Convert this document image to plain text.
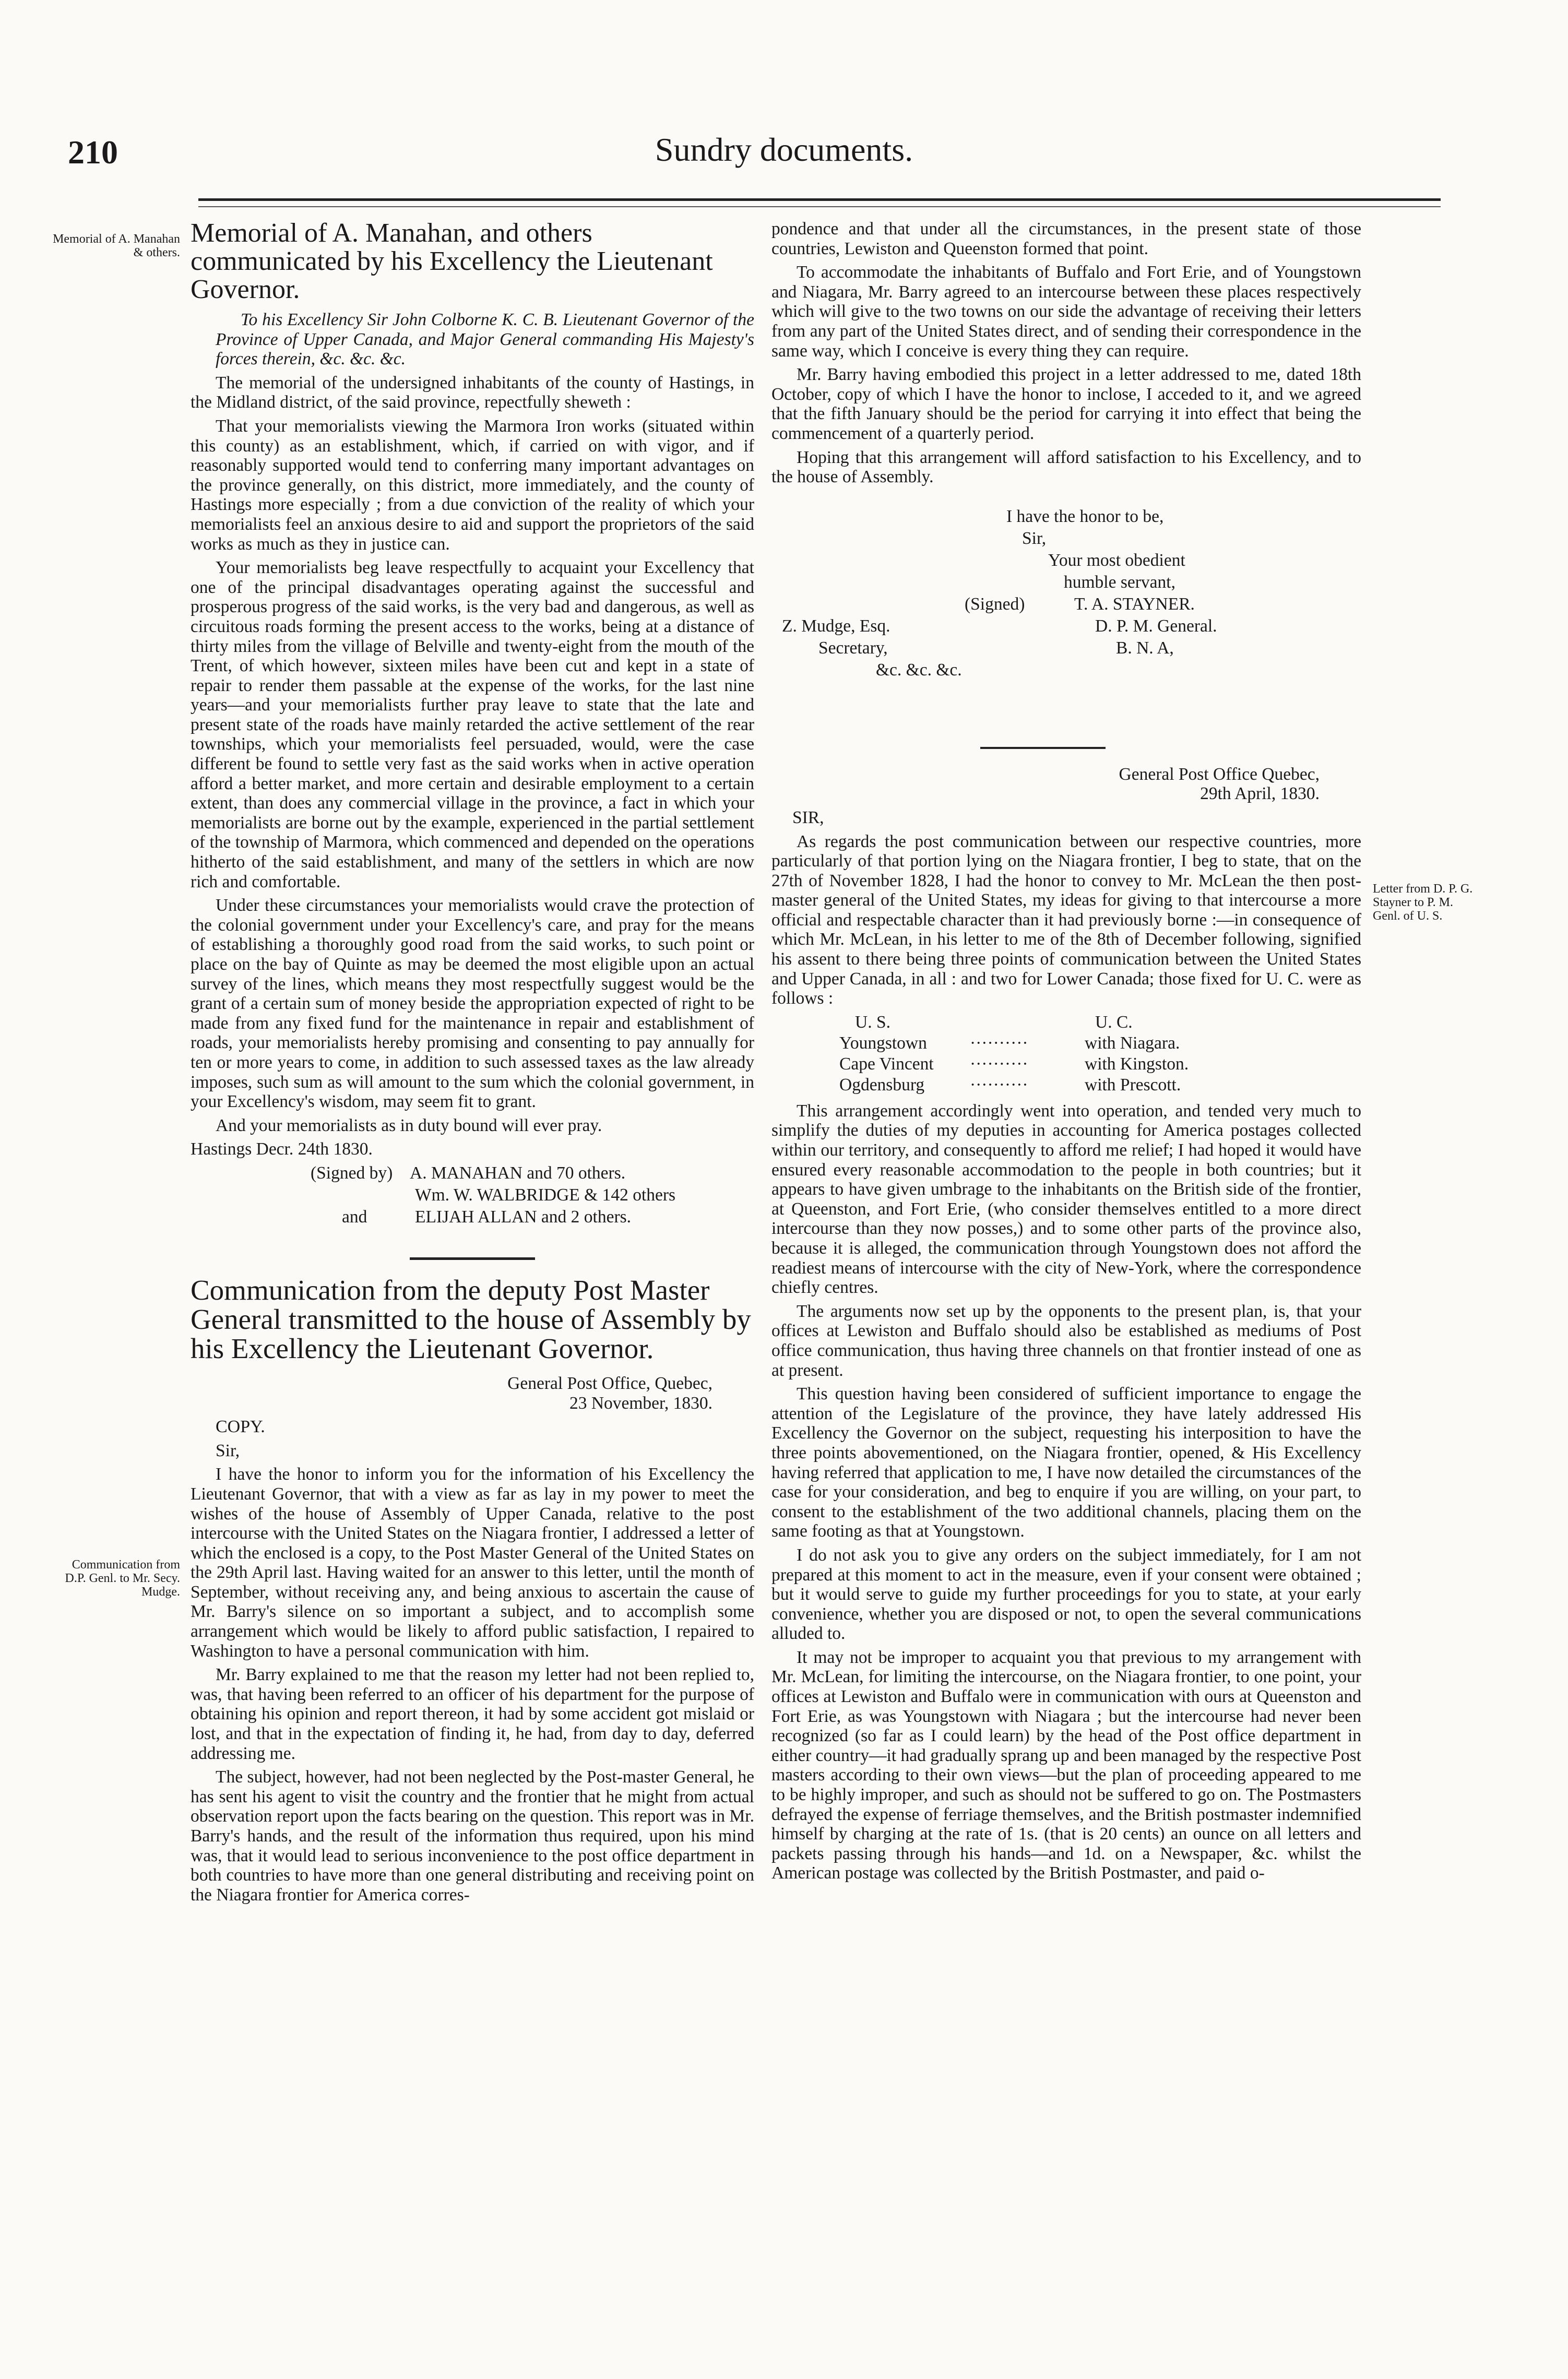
210	Sundry documents.
Memorial of A. Manahan & others.
Communication from D.P. Genl. to Mr. Secy. Mudge.
Letter from D. P. G. Stayner to P. M. Genl. of U. S.
Memorial of A. Manahan, and others communicated by his Excellency the Lieutenant Governor.

To his Excellency Sir John Colborne K. C. B. Lieutenant Governor of the Province of Upper Canada, and Major General commanding His Majesty's forces therein, &c. &c. &c.

The memorial of the undersigned inhabitants of the county of Hastings, in the Midland district, of the said province, repectfully sheweth :

That your memorialists viewing the Marmora Iron works (situated within this county) as an establishment, which, if carried on with vigor, and if reasonably supported would tend to conferring many important advantages on the province generally, on this district, more immediately, and the county of Hastings more especially ; from a due conviction of the reality of which your memorialists feel an anxious desire to aid and support the proprietors of the said works as much as they in justice can.

Your memorialists beg leave respectfully to acquaint your Excellency that one of the principal disadvantages operating against the successful and prosperous progress of the said works, is the very bad and dangerous, as well as circuitous roads forming the present access to the works, being at a distance of thirty miles from the village of Belville and twenty-eight from the mouth of the Trent, of which however, sixteen miles have been cut and kept in a state of repair to render them passable at the expense of the works, for the last nine years—and your memorialists further pray leave to state that the late and present state of the roads have mainly retarded the active settlement of the rear townships, which your memorialists feel persuaded, would, were the case different be found to settle very fast as the said works when in active operation afford a better market, and more certain and desirable employment to a certain extent, than does any commercial village in the province, a fact in which your memorialists are borne out by the example, experienced in the partial settlement of the township of Marmora, which commenced and depended on the operations hitherto of the said establishment, and many of the settlers in which are now rich and comfortable.

Under these circumstances your memorialists would crave the protection of the colonial government under your Excellency's care, and pray for the means of establishing a thoroughly good road from the said works, to such point or place on the bay of Quinte as may be deemed the most eligible upon an actual survey of the lines, which means they most respectfully suggest would be the grant of a certain sum of money beside the appropriation expected of right to be made from any fixed fund for the maintenance in repair and establishment of roads, your memorialists hereby promising and consenting to pay annually for ten or more years to come, in addition to such assessed taxes as the law already imposes, such sum as will amount to the sum which the colonial government, in your Excellency's wisdom, may seem fit to grant.

And your memorialists as in duty bound will ever pray.

Hastings Decr. 24th 1830.

(Signed by) A. MANAHAN and 70 others.
Wm. W. WALBRIDGE & 142 others
and	ELIJAH ALLAN and 2 others.
Communication from the deputy Post Master General transmitted to the house of Assembly by his Excellency the Lieutenant Governor.

General Post Office, Quebec,
23 November, 1830.

COPY.

Sir,

I have the honor to inform you for the information of his Excellency the Lieutenant Governor, that with a view as far as lay in my power to meet the wishes of the house of Assembly of Upper Canada, relative to the post intercourse with the United States on the Niagara frontier, I addressed a letter of which the enclosed is a copy, to the Post Master General of the United States on the 29th April last. Having waited for an answer to this letter, until the month of September, without receiving any, and being anxious to ascertain the cause of Mr. Barry's silence on so important a subject, and to accomplish some arrangement which would be likely to afford public satisfaction, I repaired to Washington to have a personal communication with him.

Mr. Barry explained to me that the reason my letter had not been replied to, was, that having been referred to an officer of his department for the purpose of obtaining his opinion and report thereon, it had by some accident got mislaid or lost, and that in the expectation of finding it, he had, from day to day, deferred addressing me.

The subject, however, had not been neglected by the Post-master General, he has sent his agent to visit the country and the frontier that he might from actual observation report upon the facts bearing on the question. This report was in Mr. Barry's hands, and the result of the information thus required, upon his mind was, that it would lead to serious inconvenience to the post office department in both countries to have more than one general distributing and receiving point on the Niagara frontier for America corres-

pondence and that under all the circumstances, in the present state of those countries, Lewiston and Queenston formed that point.

To accommodate the inhabitants of Buffalo and Fort Erie, and of Youngstown and Niagara, Mr. Barry agreed to an intercourse between these places respectively which will give to the two towns on our side the advantage of receiving their letters from any part of the United States direct, and of sending their correspondence in the same way, which I conceive is every thing they can require.

Mr. Barry having embodied this project in a letter addressed to me, dated 18th October, copy of which I have the honor to inclose, I acceded to it, and we agreed that the fifth January should be the period for carrying it into effect that being the commencement of a quarterly period.

Hoping that this arrangement will afford satisfaction to his Excellency, and to the house of Assembly.

I have the honor to be,
Sir,
Your most obedient
humble servant,
(Signed)	T. A. STAYNER.
Z. Mudge, Esq.	D. P. M. General.
Secretary,	B. N. A,
&c. &c. &c.

General Post Office Quebec,
29th April, 1830.

SIR,

As regards the post communication between our respective countries, more particularly of that portion lying on the Niagara frontier, I beg to state, that on the 27th of November 1828, I had the honor to convey to Mr. McLean the then post-master general of the United States, my ideas for giving to that intercourse a more official and respectable character than it had previously borne :—in consequence of which Mr. McLean, in his letter to me of the 8th of December following, signified his assent to there being three points of communication between the United States and Upper Canada, in all : and two for Lower Canada; those fixed for U. C. were as follows :

U. S.	U. C.
Youngstown ··········	with Niagara.
Cape Vincent ··········	with Kingston.
Ogdensburg	··········	with Prescott.

This arrangement accordingly went into operation, and tended very much to simplify the duties of my deputies in accounting for America postages collected within our territory, and consequently to afford me relief; I had hoped it would have ensured every reasonable accommodation to the people in both countries; but it appears to have given umbrage to the inhabitants on the British side of the frontier, at Queenston, and Fort Erie, (who consider themselves entitled to a more direct intercourse than they now posses,) and to some other parts of the province also, because it is alleged, the communication through Youngstown does not afford the readiest means of intercourse with the city of New-York, where the correspondence chiefly centres.

The arguments now set up by the opponents to the present plan, is, that your offices at Lewiston and Buffalo should also be established as mediums of Post office communication, thus having three channels on that frontier instead of one as at present.

This question having been considered of sufficient importance to engage the attention of the Legislature of the province, they have lately addressed His Excellency the Governor on the subject, requesting his interposition to have the three points abovementioned, on the Niagara frontier, opened, & His Excellency having referred that application to me, I have now detailed the circumstances of the case for your consideration, and beg to enquire if you are willing, on your part, to consent to the establishment of the two additional channels, placing them on the same footing as that at Youngstown.

I do not ask you to give any orders on the subject immediately, for I am not prepared at this moment to act in the measure, even if your consent were obtained ; but it would serve to guide my further proceedings for you to state, at your early convenience, whether you are disposed or not, to open the several communications alluded to.

It may not be improper to acquaint you that previous to my arrangement with Mr. McLean, for limiting the intercourse, on the Niagara frontier, to one point, your offices at Lewiston and Buffalo were in communication with ours at Queenston and Fort Erie, as was Youngstown with Niagara ; but the intercourse had never been recognized (so far as I could learn) by the head of the Post office department in either country—it had gradually sprang up and been managed by the respective Post masters according to their own views—but the plan of proceeding appeared to me to be highly improper, and such as should not be suffered to go on. The Postmasters defrayed the expense of ferriage themselves, and the British postmaster indemnified himself by charging at the rate of 1s. (that is 20 cents) an ounce on all letters and packets passing through his hands—and 1d. on a Newspaper, &c. whilst the American postage was collected by the British Postmaster, and paid o-
